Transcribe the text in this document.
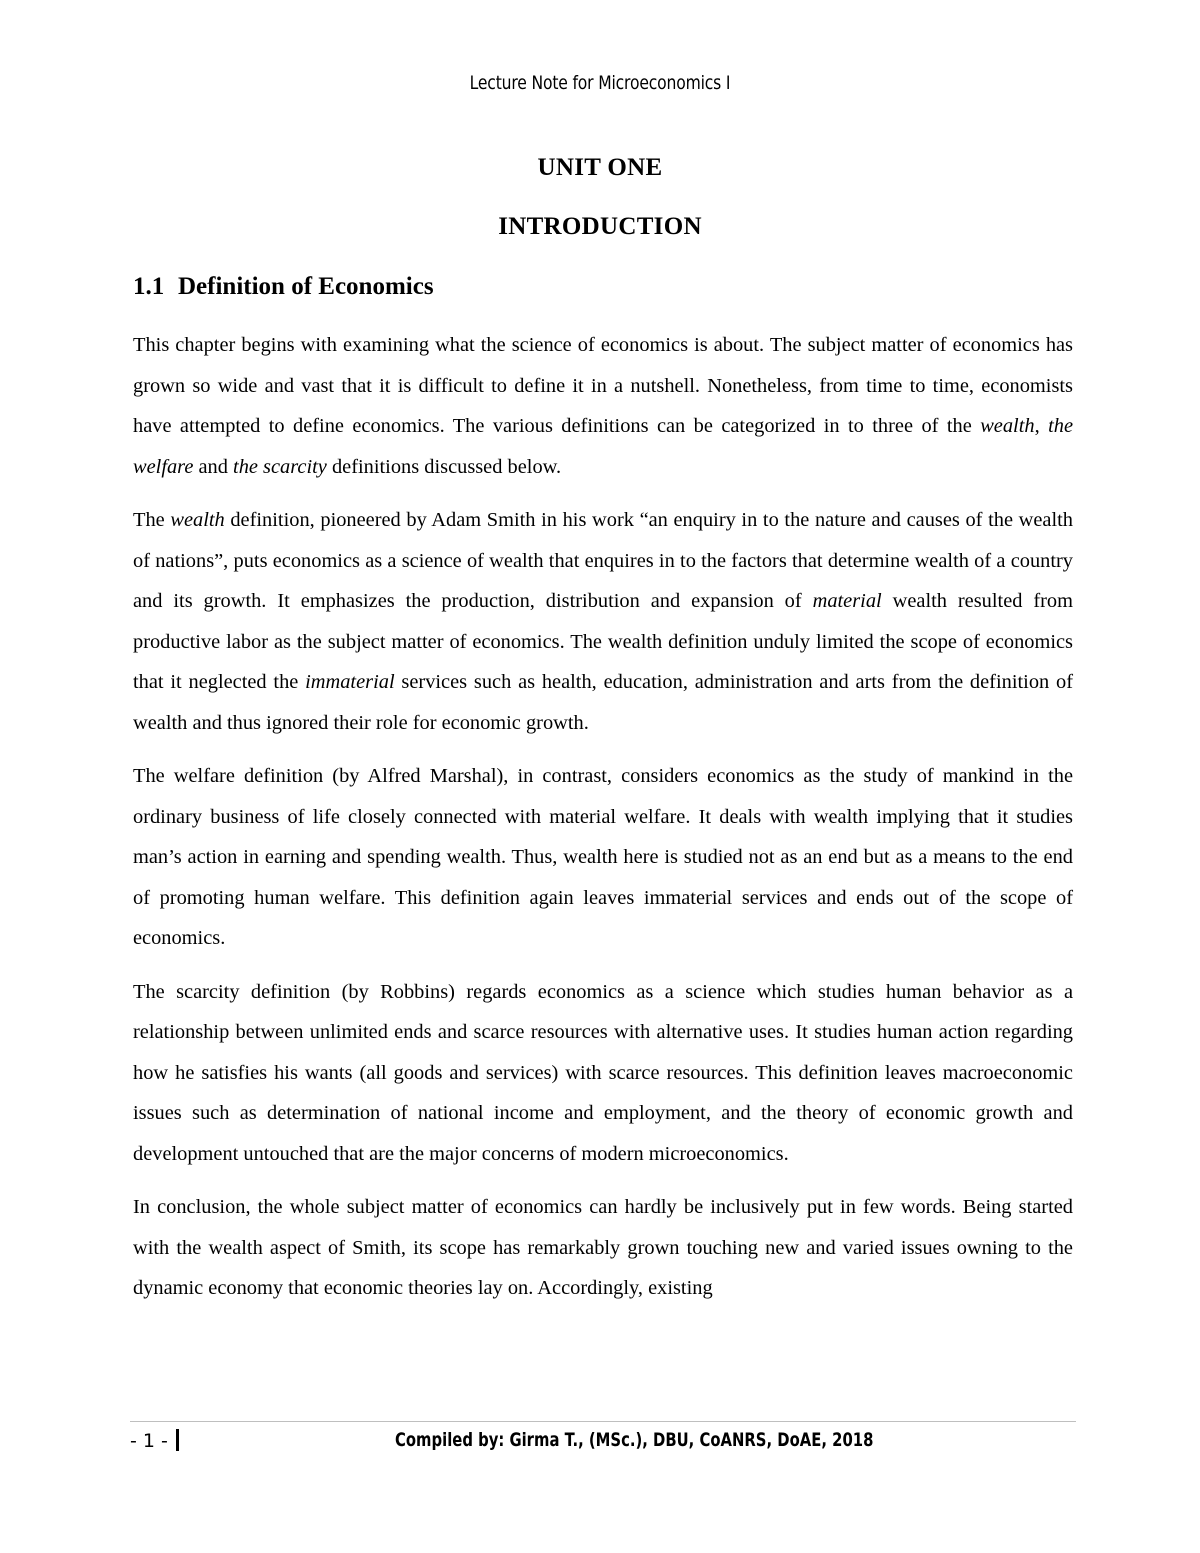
Lecture Note for Microeconomics I
UNIT ONE
INTRODUCTION
1.1 Definition of Economics

This chapter begins with examining what the science of economics is about. The subject matter of economics has grown so wide and vast that it is difficult to define it in a nutshell. Nonetheless, from time to time, economists have attempted to define economics. The various definitions can be categorized in to three of the wealth, the welfare and the scarcity definitions discussed below.

The wealth definition, pioneered by Adam Smith in his work “an enquiry in to the nature and causes of the wealth of nations”, puts economics as a science of wealth that enquires in to the factors that determine wealth of a country and its growth. It emphasizes the production, distribution and expansion of material wealth resulted from productive labor as the subject matter of economics. The wealth definition unduly limited the scope of economics that it neglected the immaterial services such as health, education, administration and arts from the definition of wealth and thus ignored their role for economic growth.

The welfare definition (by Alfred Marshal), in contrast, considers economics as the study of mankind in the ordinary business of life closely connected with material welfare. It deals with wealth implying that it studies man’s action in earning and spending wealth. Thus, wealth here is studied not as an end but as a means to the end of promoting human welfare. This definition again leaves immaterial services and ends out of the scope of economics.

The scarcity definition (by Robbins) regards economics as a science which studies human behavior as a relationship between unlimited ends and scarce resources with alternative uses. It studies human action regarding how he satisfies his wants (all goods and services) with scarce resources. This definition leaves macroeconomic issues such as determination of national income and employment, and the theory of economic growth and development untouched that are the major concerns of modern microeconomics.

In conclusion, the whole subject matter of economics can hardly be inclusively put in few words. Being started with the wealth aspect of Smith, its scope has remarkably grown touching new and varied issues owning to the dynamic economy that economic theories lay on. Accordingly, existing

- 1 -	Compiled by: Girma T., (MSc.), DBU, CoANRS, DoAE, 2018
